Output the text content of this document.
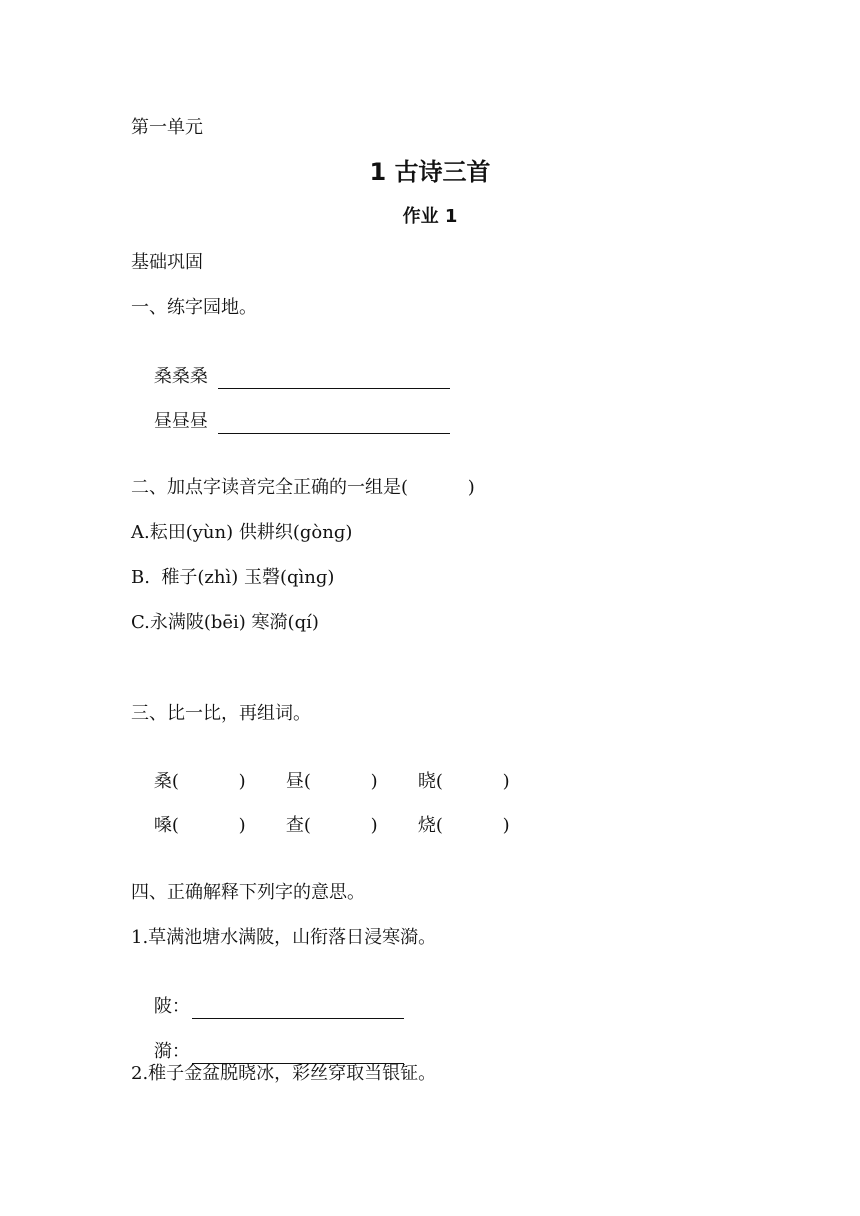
第一单元
1 古诗三首
作业 1
基础巩固
一、练字园地。

桑桑桑

昼昼昼

二、加点字读音完全正确的一组是(　　　 )
A.耘田(yùn) 供耕织(gònɡ)
B.  稚子(zhì) 玉磬(qìnɡ)
C.永满陂(bēi) 寒漪(qí)
三、比一比，再组词。

桑(　　　 ) 昼(　　　 ) 晓(　　　 )

嗓(　　　 ) 查(　　　 ) 烧(　　　 )

四、正确解释下列字的意思。
1.草满池塘水满陂，山衔落日浸寒漪。

陂：

漪：

2.稚子金盆脱晓冰，彩丝穿取当银钲。
